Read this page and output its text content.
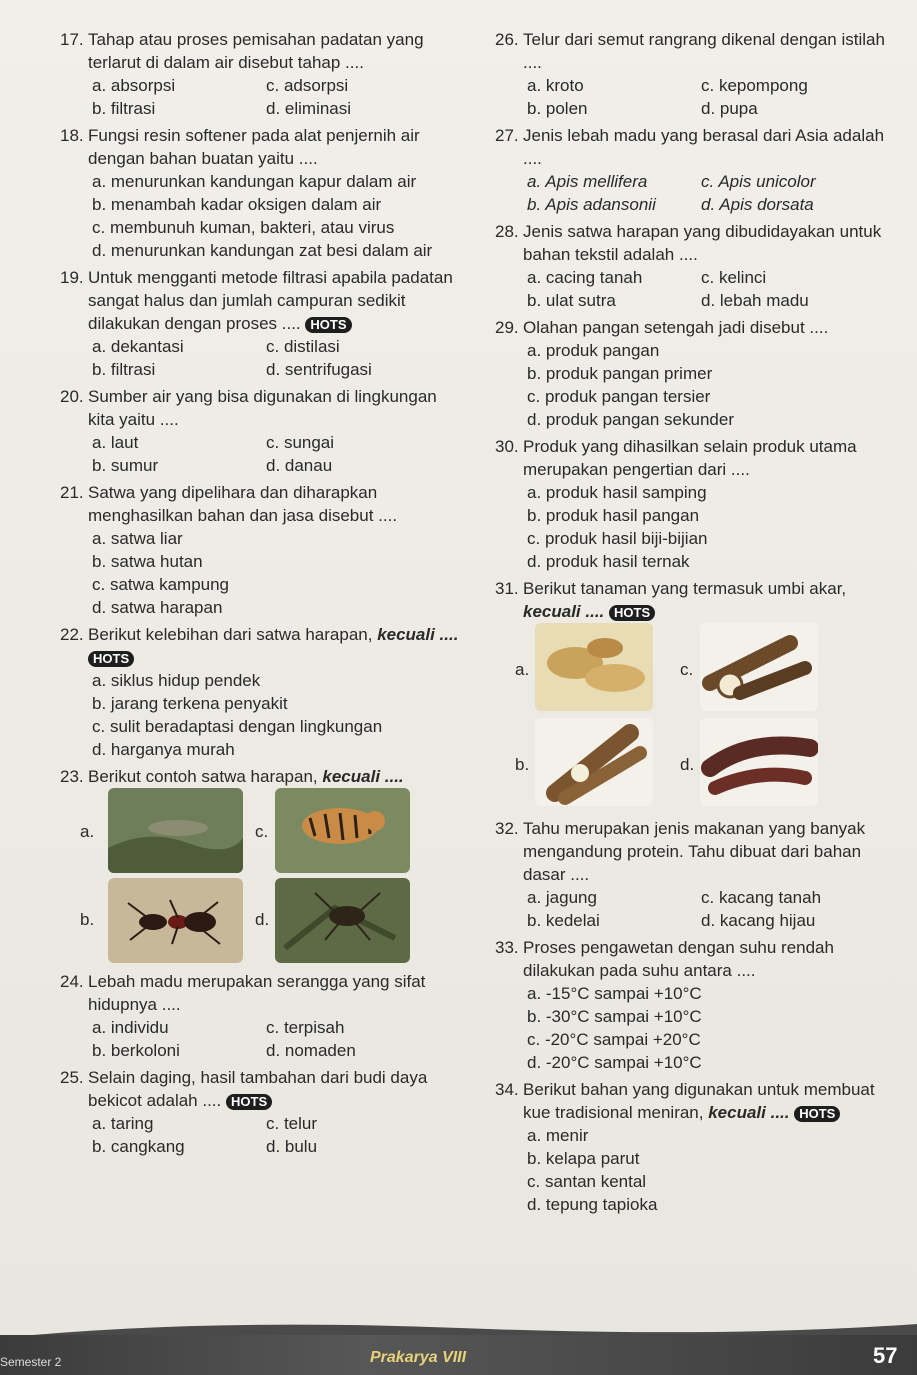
17. Tahap atau proses pemisahan padatan yang terlarut di dalam air disebut tahap ....
a. absorpsi	c. adsorpsi
b. filtrasi	d. eliminasi
18. Fungsi resin softener pada alat penjernih air dengan bahan buatan yaitu ....
a. menurunkan kandungan kapur dalam air
b. menambah kadar oksigen dalam air
c. membunuh kuman, bakteri, atau virus
d. menurunkan kandungan zat besi dalam air
19. Untuk mengganti metode filtrasi apabila padatan sangat halus dan jumlah campuran sedikit dilakukan dengan proses .... HOTS
a. dekantasi	c. distilasi
b. filtrasi	d. sentrifugasi
20. Sumber air yang bisa digunakan di lingkungan kita yaitu ....
a. laut	c. sungai
b. sumur	d. danau
21. Satwa yang dipelihara dan diharapkan menghasilkan bahan dan jasa disebut ....
a. satwa liar
b. satwa hutan
c. satwa kampung
d. satwa harapan
22. Berikut kelebihan dari satwa harapan, kecuali .... HOTS
a. siklus hidup pendek
b. jarang terkena penyakit
c. sulit beradaptasi dengan lingkungan
d. harganya murah
23. Berikut contoh satwa harapan, kecuali ....
a.	c.
b.	d.
24. Lebah madu merupakan serangga yang sifat hidupnya ....
a. individu	c. terpisah
b. berkoloni	d. nomaden
25. Selain daging, hasil tambahan dari budi daya bekicot adalah .... HOTS
a. taring	c. telur
b. cangkang	d. bulu
26. Telur dari semut rangrang dikenal dengan istilah ....
a. kroto	c. kepompong
b. polen	d. pupa
27. Jenis lebah madu yang berasal dari Asia adalah ....
a. Apis mellifera	c. Apis unicolor
b. Apis adansonii	d. Apis dorsata
28. Jenis satwa harapan yang dibudidayakan untuk bahan tekstil adalah ....
a. cacing tanah	c. kelinci
b. ulat sutra	d. lebah madu
29. Olahan pangan setengah jadi disebut ....
a. produk pangan
b. produk pangan primer
c. produk pangan tersier
d. produk pangan sekunder
30. Produk yang dihasilkan selain produk utama merupakan pengertian dari ....
a. produk hasil samping
b. produk hasil pangan
c. produk hasil biji-bijian
d. produk hasil ternak
31. Berikut tanaman yang termasuk umbi akar, kecuali .... HOTS
a.	c.
b.	d.
32. Tahu merupakan jenis makanan yang banyak mengandung protein. Tahu dibuat dari bahan dasar ....
a. jagung	c. kacang tanah
b. kedelai	d. kacang hijau
33. Proses pengawetan dengan suhu rendah dilakukan pada suhu antara ....
a. -15°C sampai +10°C
b. -30°C sampai +10°C
c. -20°C sampai +20°C
d. -20°C sampai +10°C
34. Berikut bahan yang digunakan untuk membuat kue tradisional meniran, kecuali .... HOTS
a. menir
b. kelapa parut
c. santan kental
d. tepung tapioka
Semester 2	Prakarya VIII	57
